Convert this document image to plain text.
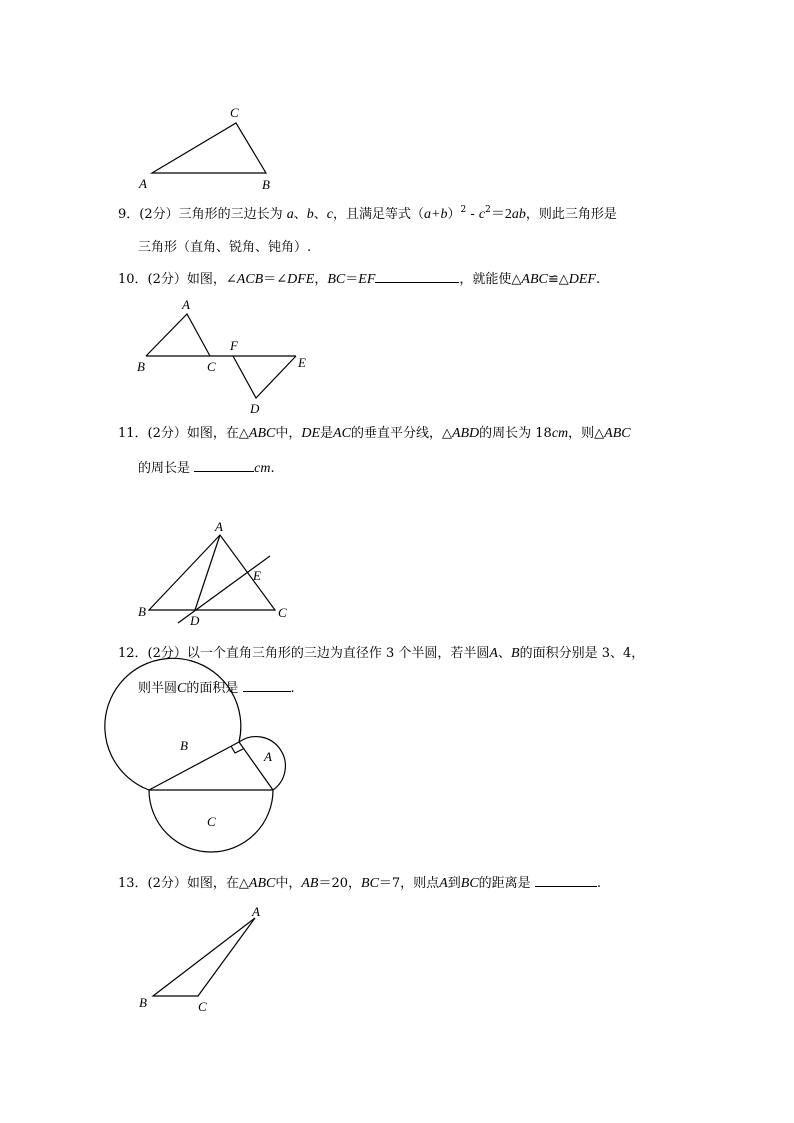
C
A	B
A
B	C
F
E
D
A
B
D
C
E
B
A
C
A
B	C
9．(2分）三角形的三边长为 a、b、c，且满足等式$(a+b)^2 - c^2=2ab$，则此三角形是
三角形（直角、锐角、钝角）.
10．(2分）如图，∠ACB＝∠DFE，BC＝EF	，就能使△ABC≌△DEF.
11．(2分）如图，在△ABC中，DE是AC的垂直平分线，△ABD的周长为 18cm，则△ABC
的周长是	cm.
12．(2分）以一个直角三角形的三边为直径作 3 个半圆，若半圆A、B的面积分别是 3、4，
则半圆C的面积是	.
13．(2分）如图，在△ABC中，AB＝20，BC＝7，则点A到BC的距离是	.
